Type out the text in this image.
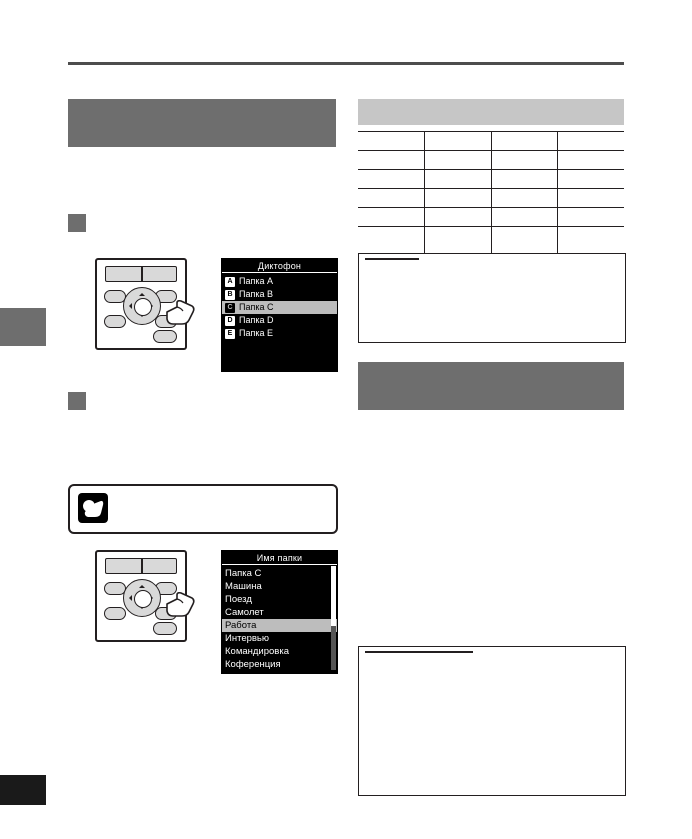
Диктофон
A Папка A
B Папка B
C Папка C
D Папка D
E Папка E
Имя папки
Папка C
Машина
Поезд
Самолет
Работа
Интервью
Командировка
Коференция
